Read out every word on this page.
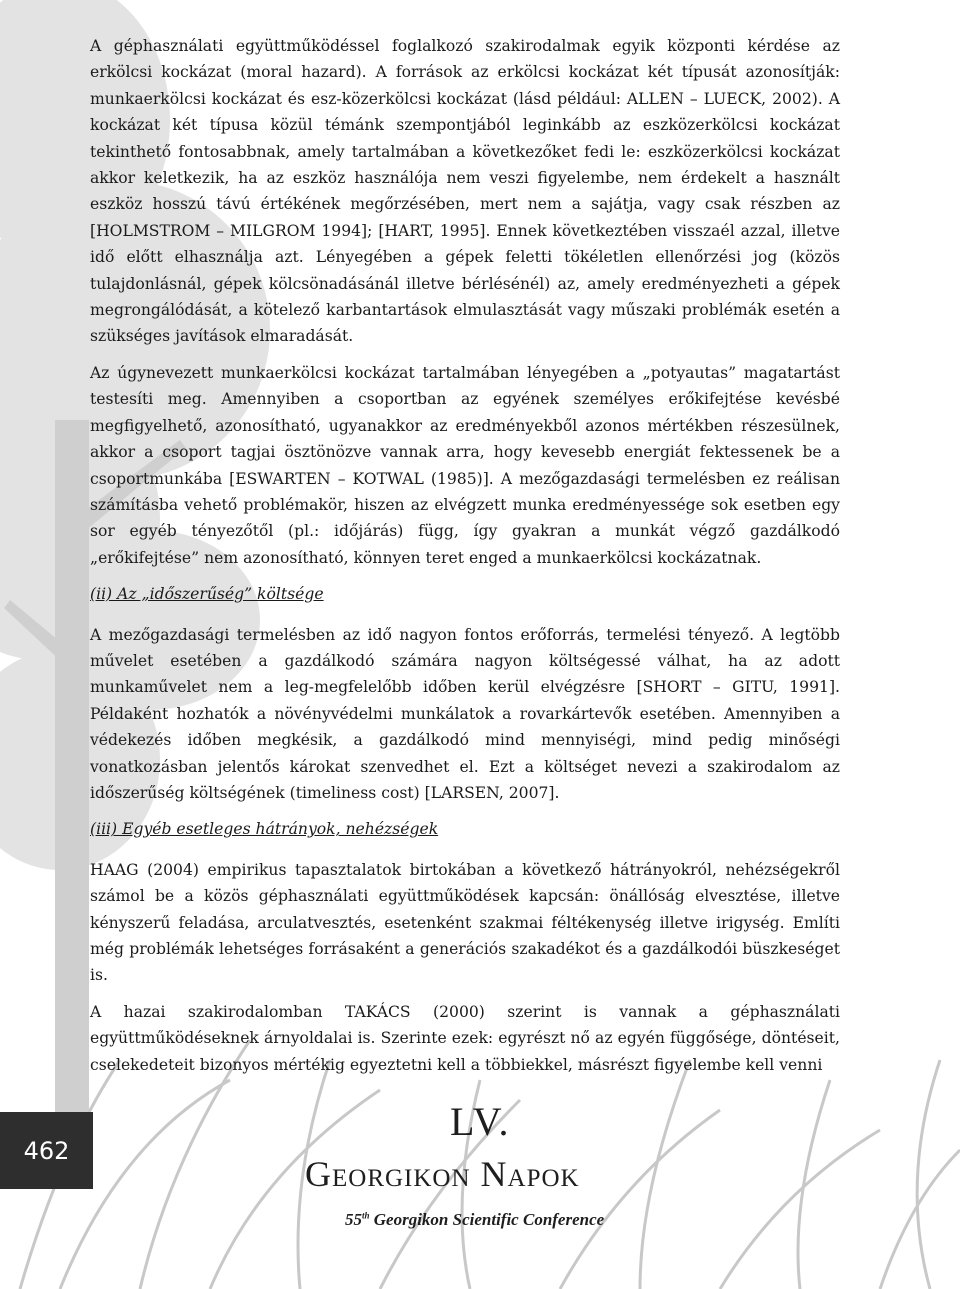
A géphasználati együttműködéssel foglalkozó szakirodalmak egyik központi kérdése az erkölcsi kockázat (moral hazard). A források az erkölcsi kockázat két típusát azonosítják: munkaerkölcsi kockázat és esz-közerkölcsi kockázat (lásd például: ALLEN – LUECK, 2002). A kockázat két típusa közül témánk szempontjából leginkább az eszközerkölcsi kockázat tekinthető fontosabbnak, amely tartalmában a következőket fedi le: eszközerkölcsi kockázat akkor keletkezik, ha az eszköz használója nem veszi figyelembe, nem érdekelt a használt eszköz hosszú távú értékének megőrzésében, mert nem a sajátja, vagy csak részben az [HOLMSTROM – MILGROM 1994]; [HART, 1995]. Ennek következtében visszaél azzal, illetve idő előtt elhasználja azt. Lényegében a gépek feletti tökéletlen ellenőrzési jog (közös tulajdonlásnál, gépek kölcsönadásánál illetve bérlésénél) az, amely eredményezheti a gépek megrongálódását, a kötelező karbantartások elmulasztását vagy műszaki problémák esetén a szükséges javítások elmaradását.

Az úgynevezett munkaerkölcsi kockázat tartalmában lényegében a „potyautas” magatartást testesíti meg. Amennyiben a csoportban az egyének személyes erőkifejtése kevésbé megfigyelhető, azonosítható, ugyanakkor az eredményekből azonos mértékben részesülnek, akkor a csoport tagjai ösztönözve vannak arra, hogy kevesebb energiát fektessenek be a csoportmunkába [ESWARTEN – KOTWAL (1985)]. A mezőgazdasági termelésben ez reálisan számításba vehető problémakör, hiszen az elvégzett munka eredményessége sok esetben egy sor egyéb tényezőtől (pl.: időjárás) függ, így gyakran a munkát végző gazdálkodó „erőkifejtése” nem azonosítható, könnyen teret enged a munkaerkölcsi kockázatnak.

(ii) Az „időszerűség” költsége

A mezőgazdasági termelésben az idő nagyon fontos erőforrás, termelési tényező. A legtöbb művelet esetében a gazdálkodó számára nagyon költségessé válhat, ha az adott munkaművelet nem a leg-megfelelőbb időben kerül elvégzésre [SHORT – GITU, 1991]. Példaként hozhatók a növényvédelmi munkálatok a rovarkártevők esetében. Amennyiben a védekezés időben megkésik, a gazdálkodó mind mennyiségi, mind pedig minőségi vonatkozásban jelentős károkat szenvedhet el. Ezt a költséget nevezi a szakirodalom az időszerűség költségének (timeliness cost) [LARSEN, 2007].

(iii) Egyéb esetleges hátrányok, nehézségek

HAAG (2004) empirikus tapasztalatok birtokában a következő hátrányokról, nehézségekről számol be a közös géphasználati együttműködések kapcsán: önállóság elvesztése, illetve kényszerű feladása, arculatvesztés, esetenként szakmai féltékenység illetve irigység. Említi még problémák lehetséges forrásaként a generációs szakadékot és a gazdálkodói büszkeséget is.

A hazai szakirodalomban TAKÁCS (2000) szerint is vannak a géphasználati együttműködéseknek árnyoldalai is. Szerinte ezek: egyrészt nő az egyén függősége, döntéseit, cselekedeteit bizonyos mértékig egyeztetni kell a többiekkel, másrészt figyelembe kell venni

462
LV.
Georgikon Napok
55th Georgikon Scientific Conference
